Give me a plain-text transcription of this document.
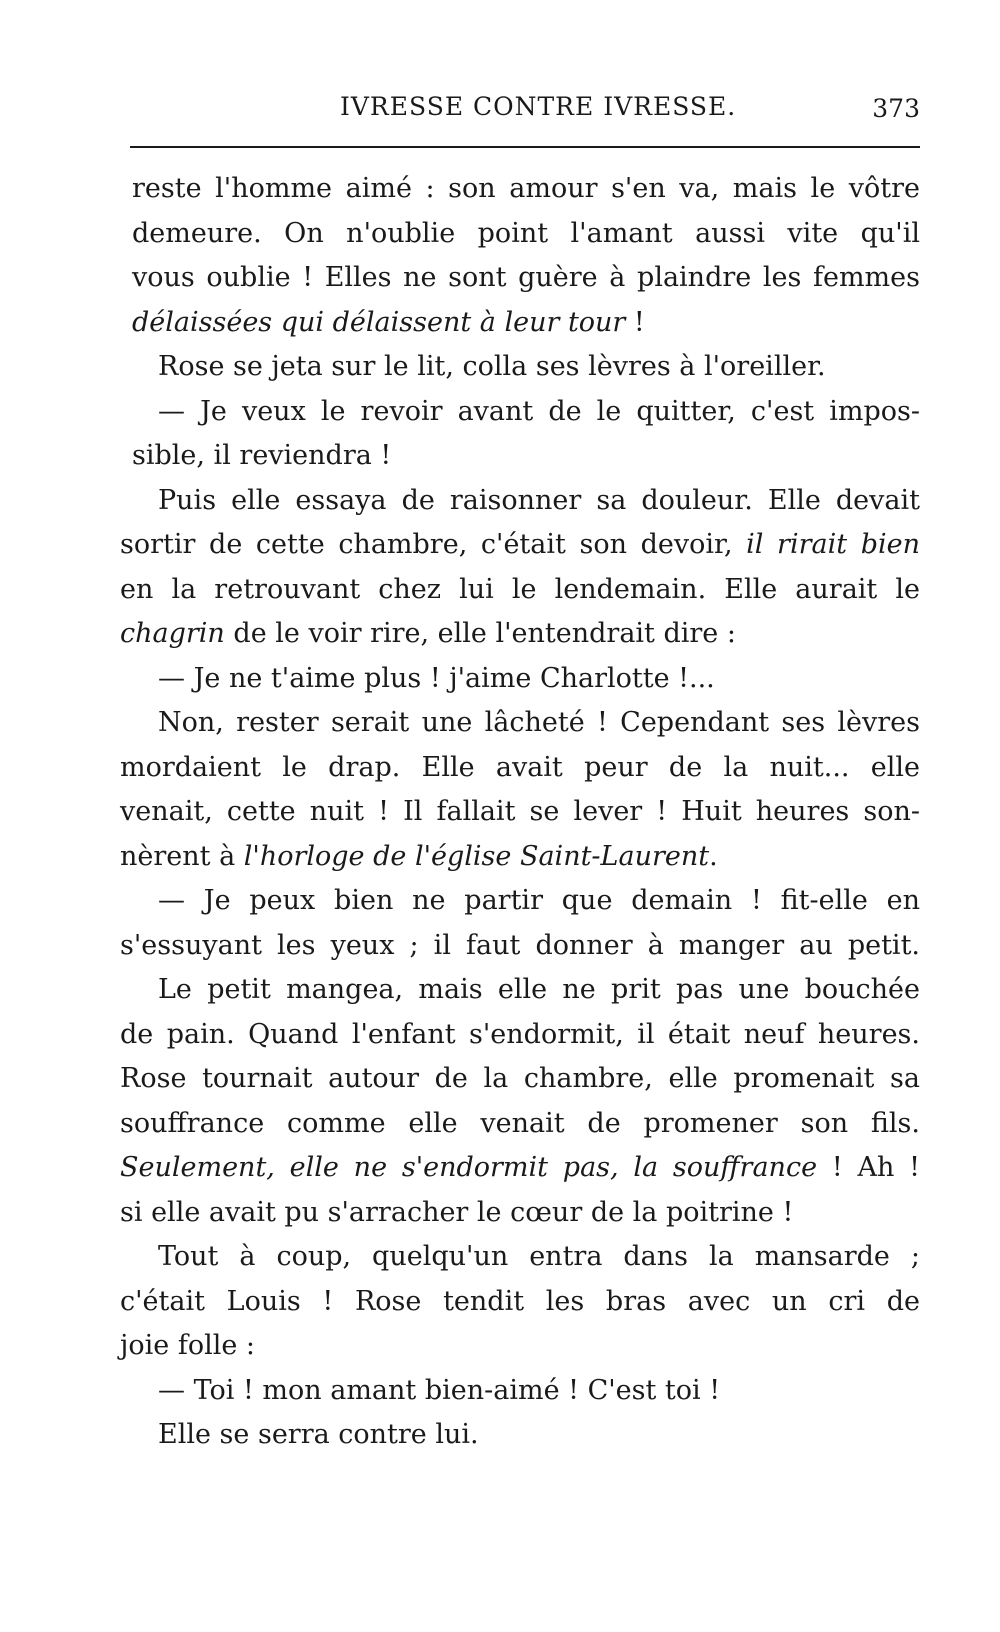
IVRESSE CONTRE IVRESSE.	373
reste l'homme aimé : son amour s'en va, mais le vôtre
demeure. On n'oublie point l'amant aussi vite qu'il
vous oublie ! Elles ne sont guère à plaindre les femmes
délaissées qui délaissent à leur tour !
Rose se jeta sur le lit, colla ses lèvres à l'oreiller.
— Je veux le revoir avant de le quitter, c'est impos-
sible, il reviendra !
Puis elle essaya de raisonner sa douleur. Elle devait
sortir de cette chambre, c'était son devoir, il rirait bien
en la retrouvant chez lui le lendemain. Elle aurait le
chagrin de le voir rire, elle l'entendrait dire :
— Je ne t'aime plus ! j'aime Charlotte !...
Non, rester serait une lâcheté ! Cependant ses lèvres
mordaient le drap. Elle avait peur de la nuit... elle
venait, cette nuit ! Il fallait se lever ! Huit heures son-
nèrent à l'horloge de l'église Saint-Laurent.
— Je peux bien ne partir que demain ! fit-elle en
s'essuyant les yeux ; il faut donner à manger au petit.
Le petit mangea, mais elle ne prit pas une bouchée
de pain. Quand l'enfant s'endormit, il était neuf heures.
Rose tournait autour de la chambre, elle promenait sa
souffrance comme elle venait de promener son fils.
Seulement, elle ne s'endormit pas, la souffrance ! Ah !
si elle avait pu s'arracher le cœur de la poitrine !
Tout à coup, quelqu'un entra dans la mansarde ;
c'était Louis ! Rose tendit les bras avec un cri de
joie folle :
— Toi ! mon amant bien-aimé ! C'est toi !
Elle se serra contre lui.
